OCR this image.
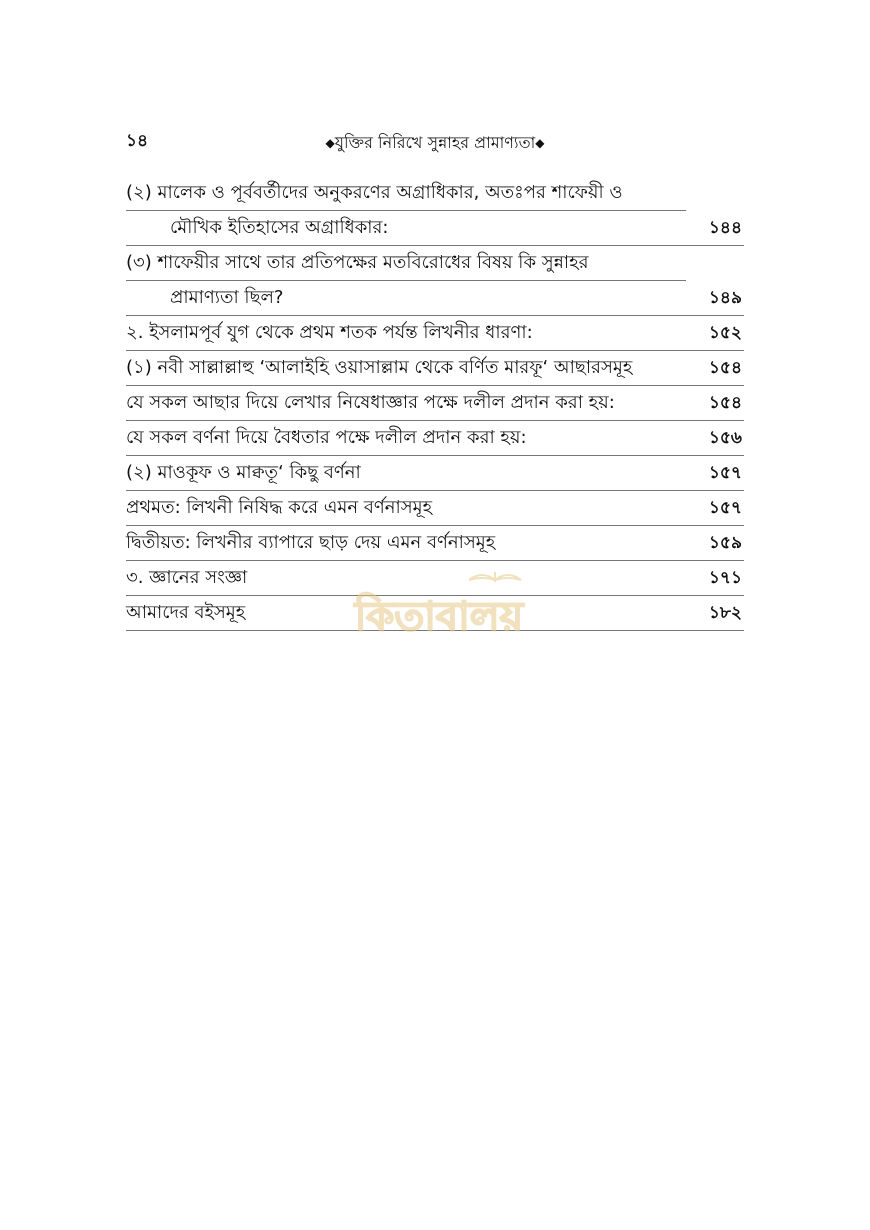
১৪	◆যুক্তির নিরিখে সুন্নাহর প্রামাণ্যতা◆
(২) মালেক ও পূর্ববর্তীদের অনুকরণের অগ্রাধিকার, অতঃপর শাফেয়ী ও
মৌখিক ইতিহাসের অগ্রাধিকার:	১৪৪
(৩) শাফেয়ীর সাথে তার প্রতিপক্ষের মতবিরোধের বিষয় কি সুন্নাহর
প্রামাণ্যতা ছিল?	১৪৯
২. ইসলামপূর্ব যুগ থেকে প্রথম শতক পর্যন্ত লিখনীর ধারণা:	১৫২
(১) নবী সাল্লাল্লাহু ‘আলাইহি ওয়াসাল্লাম থেকে বর্ণিত মারফূ‘ আছারসমূহ	১৫৪
যে সকল আছার দিয়ে লেখার নিষেধাজ্ঞার পক্ষে দলীল প্রদান করা হয়:	১৫৪
যে সকল বর্ণনা দিয়ে বৈধতার পক্ষে দলীল প্রদান করা হয়:	১৫৬
(২) মাওকূফ ও মাক্বতূ‘ কিছু বর্ণনা	১৫৭
প্রথমত: লিখনী নিষিদ্ধ করে এমন বর্ণনাসমূহ	১৫৭
দ্বিতীয়ত: লিখনীর ব্যাপারে ছাড় দেয় এমন বর্ণনাসমূহ	১৫৯
৩. জ্ঞানের সংজ্ঞা	১৭১
আমাদের বইসমূহ	১৮২
কিতাবালয়
